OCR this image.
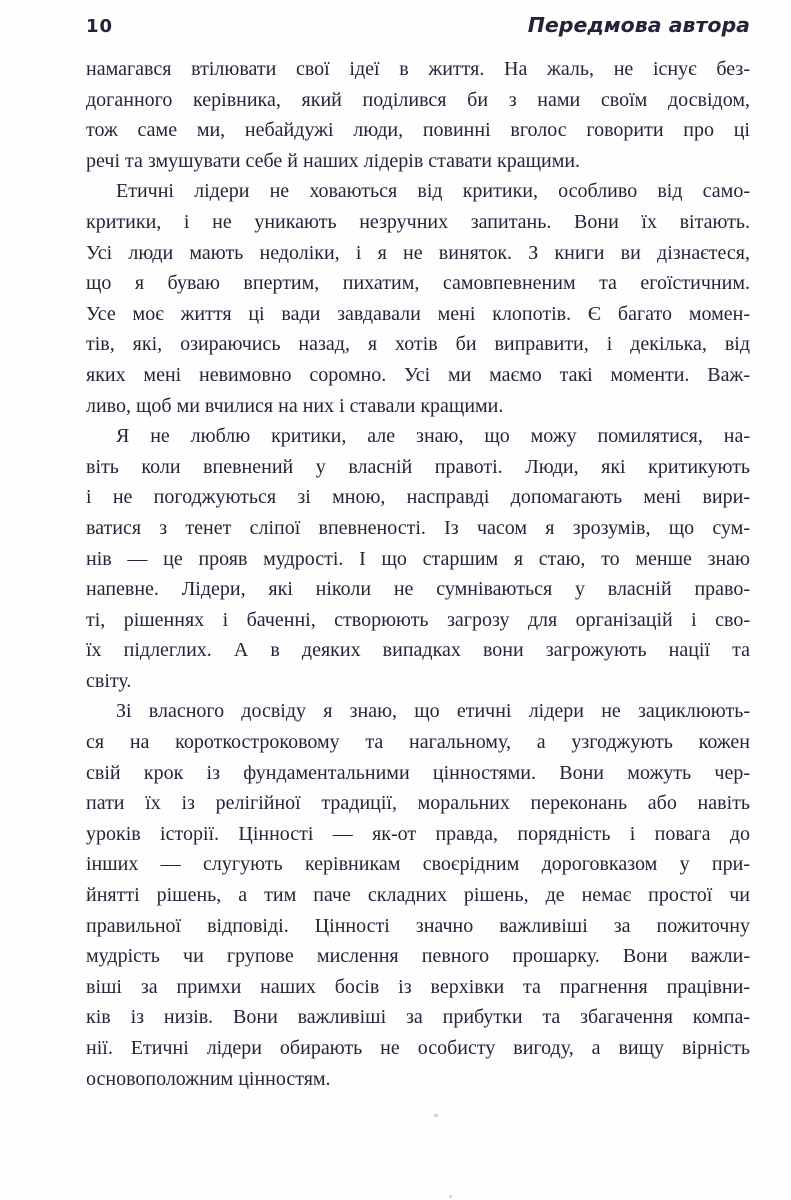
10	Передмова автора

намагався втілювати свої ідеї в життя. На жаль, не існує без-
доганного керівника, який поділився би з нами своїм досвідом,
тож саме ми, небайдужі люди, повинні вголос говорити про ці
речі та змушувати себе й наших лідерів ставати кращими.

Етичні лідери не ховаються від критики, особливо від само-
критики, і не уникають незручних запитань. Вони їх вітають.
Усі люди мають недоліки, і я не виняток. З книги ви дізнаєтеся,
що я буваю впертим, пихатим, самовпевненим та егоїстичним.
Усе моє життя ці вади завдавали мені клопотів. Є багато момен-
тів, які, озираючись назад, я хотів би виправити, і декілька, від
яких мені невимовно соромно. Усі ми маємо такі моменти. Важ-
ливо, щоб ми вчилися на них і ставали кращими.

Я не люблю критики, але знаю, що можу помилятися, на-
віть коли впевнений у власній правоті. Люди, які критикують
і не погоджуються зі мною, насправді допомагають мені вири-
ватися з тенет сліпої впевненості. Із часом я зрозумів, що сум-
нів — це прояв мудрості. І що старшим я стаю, то менше знаю
напевне. Лідери, які ніколи не сумніваються у власній право-
ті, рішеннях і баченні, створюють загрозу для організацій і сво-
їх підлеглих. А в деяких випадках вони загрожують нації та
світу.

Зі власного досвіду я знаю, що етичні лідери не зациклюють-
ся на короткостроковому та нагальному, а узгоджують кожен
свій крок із фундаментальними цінностями. Вони можуть чер-
пати їх із релігійної традиції, моральних переконань або навіть
уроків історії. Цінності — як-от правда, порядність і повага до
інших — слугують керівникам своєрідним дороговказом у при-
йнятті рішень, а тим паче складних рішень, де немає простої чи
правильної відповіді. Цінності значно важливіші за пожиточну
мудрість чи групове мислення певного прошарку. Вони важли-
віші за примхи наших босів із верхівки та прагнення працівни-
ків із низів. Вони важливіші за прибутки та збагачення компа-
нії. Етичні лідери обирають не особисту вигоду, а вищу вірність
основоположним цінностям.
